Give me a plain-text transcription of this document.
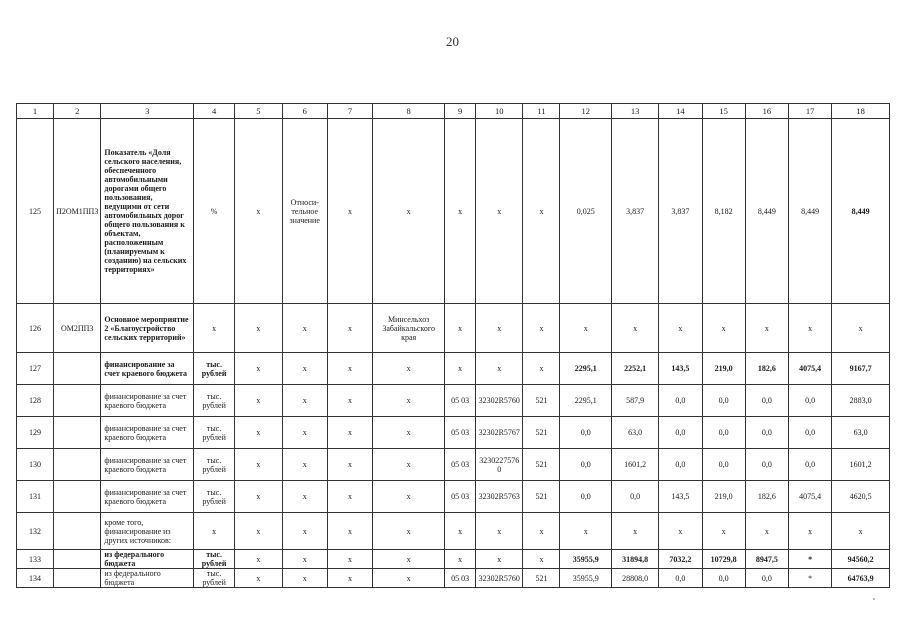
20
1	2	3	4	5	6	7	8	9	10	11	12	13	14	15	16	17	18
125	П2ОМ1ПП3	Показатель «Доля сельского населения, обеспеченного автомобильными дорогами общего пользования, ведущими от сети автомобильных дорог общего пользования к объектам, расположенным (планируемым к созданию) на сельских территориях»	%	x	Относи-тельное значение	x	x	x	x	x	0,025	3,837	3,837	8,182	8,449	8,449	8,449
126	ОМ2ПП3	Основное мероприятие 2 «Благоустройство сельских территорий»	x	x	x	x	Минсельхоз Забайкальского края	x	x	x	x	x	x	x	x	x	x
127		финансирование за счет краевого бюджета	тыс. рублей	x	x	x	x	x	x	x	2295,1	2252,1	143,5	219,0	182,6	4075,4	9167,7
128		финансирование за счет краевого бюджета	тыс. рублей	x	x	x	x	05 03	32302R5760	521	2295,1	587,9	0,0	0,0	0,0	0,0	2883,0
129		финансирование за счет краевого бюджета	тыс. рублей	x	x	x	x	05 03	32302R5767	521	0,0	63,0	0,0	0,0	0,0	0,0	63,0
130		финансирование за счет краевого бюджета	тыс. рублей	x	x	x	x	05 03	32302275760	521	0,0	1601,2	0,0	0,0	0,0	0,0	1601,2
131		финансирование за счет краевого бюджета	тыс. рублей	x	x	x	x	05 03	32302R5763	521	0,0	0,0	143,5	219,0	182,6	4075,4	4620,5
132		кроме того, финансирование из других источников:	x	x	x	x	x	x	x	x	x	x	x	x	x	x	x
133		из федерального бюджета	тыс. рублей	x	x	x	x	x	x	x	35955,9	31894,8	7032,2	10729,8	8947,5	*	94560,2
134		из федерального бюджета	тыс. рублей	x	x	x	x	05 03	32302R5760	521	35955,9	28808,0	0,0	0,0	0,0	*	64763,9
